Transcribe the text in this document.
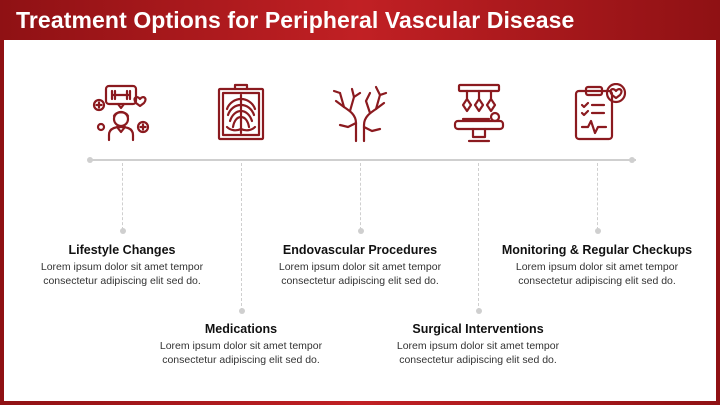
Treatment Options for Peripheral Vascular Disease
Lifestyle Changes
Lorem ipsum dolor sit amet tempor
consectetur adipiscing elit sed do.
Medications
Lorem ipsum dolor sit amet tempor
consectetur adipiscing elit sed do.
Endovascular Procedures
Lorem ipsum dolor sit amet tempor
consectetur adipiscing elit sed do.
Surgical Interventions
Lorem ipsum dolor sit amet tempor
consectetur adipiscing elit sed do.
Monitoring & Regular Checkups
Lorem ipsum dolor sit amet tempor
consectetur adipiscing elit sed do.
